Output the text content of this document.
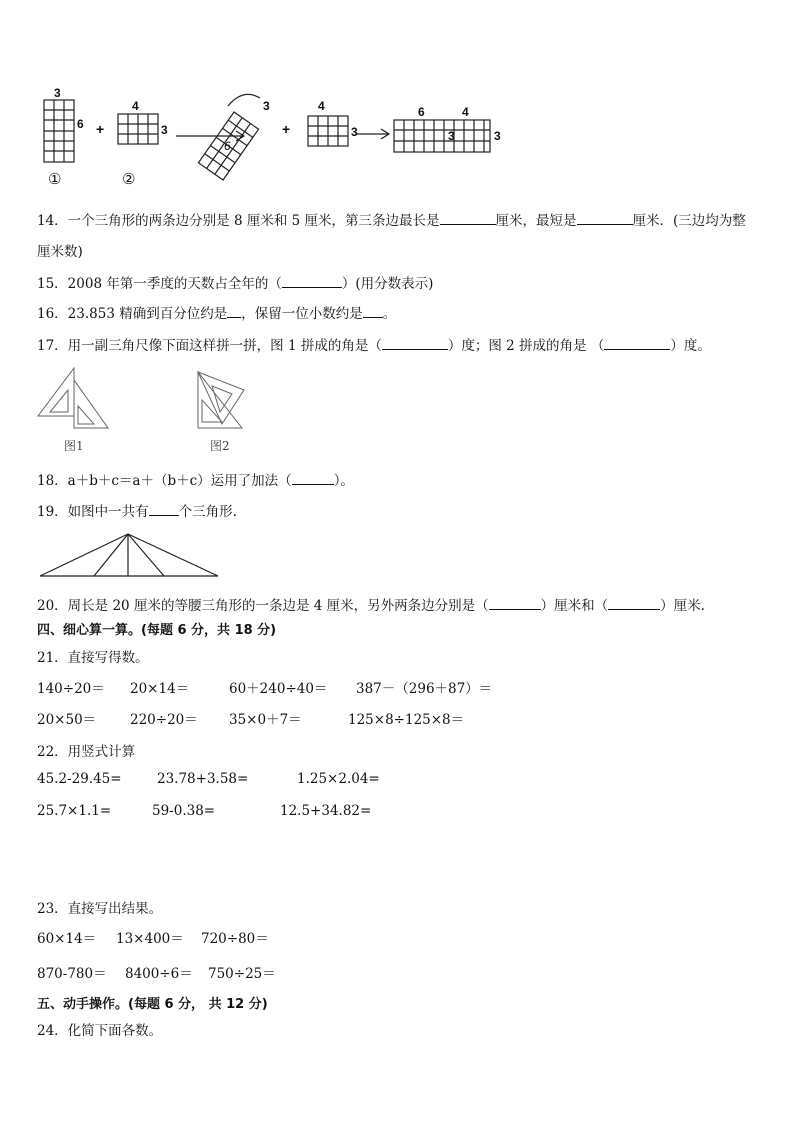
3
6 +
4
3
3
6
+
4
3
6	4
3	3
①	②
14．一个三角形的两条边分别是 8 厘米和 5 厘米，第三条边最长是	厘米，最短是	厘米．(三边均为整
厘米数)
15．2008 年第一季度的天数占全年的（	）(用分数表示)
16．23.853 精确到百分位约是 ，保留一位小数约是 。
17．用一副三角尺像下面这样拼一拼，图 1 拼成的角是（	）度；图 2 拼成的角是 （	）度。
图1	图2
18．a＋b＋c＝a＋（b＋c）运用了加法（	）。
19．如图中一共有 个三角形.
20．周长是 20 厘米的等腰三角形的一条边是 4 厘米，另外两条边分别是（	）厘米和（	）厘米.
四、细心算一算。(每题 6 分，共 18 分)
21．直接写得数。
140÷20＝ 20×14＝	60＋240÷40＝ 387－（296＋87）＝
20×50＝	220÷20＝ 35×0＋7＝	125×8÷125×8＝
22．用竖式计算
45.2-29.45=	23.78+3.58=	1.25×2.04=
25.7×1.1=	59-0.38=	12.5+34.82=
23．直接写出结果。
60×14＝ 13×400＝ 720÷80＝
870-780＝ 8400÷6＝ 750÷25＝
五、动手操作。(每题 6 分， 共 12 分)
24．化简下面各数。
